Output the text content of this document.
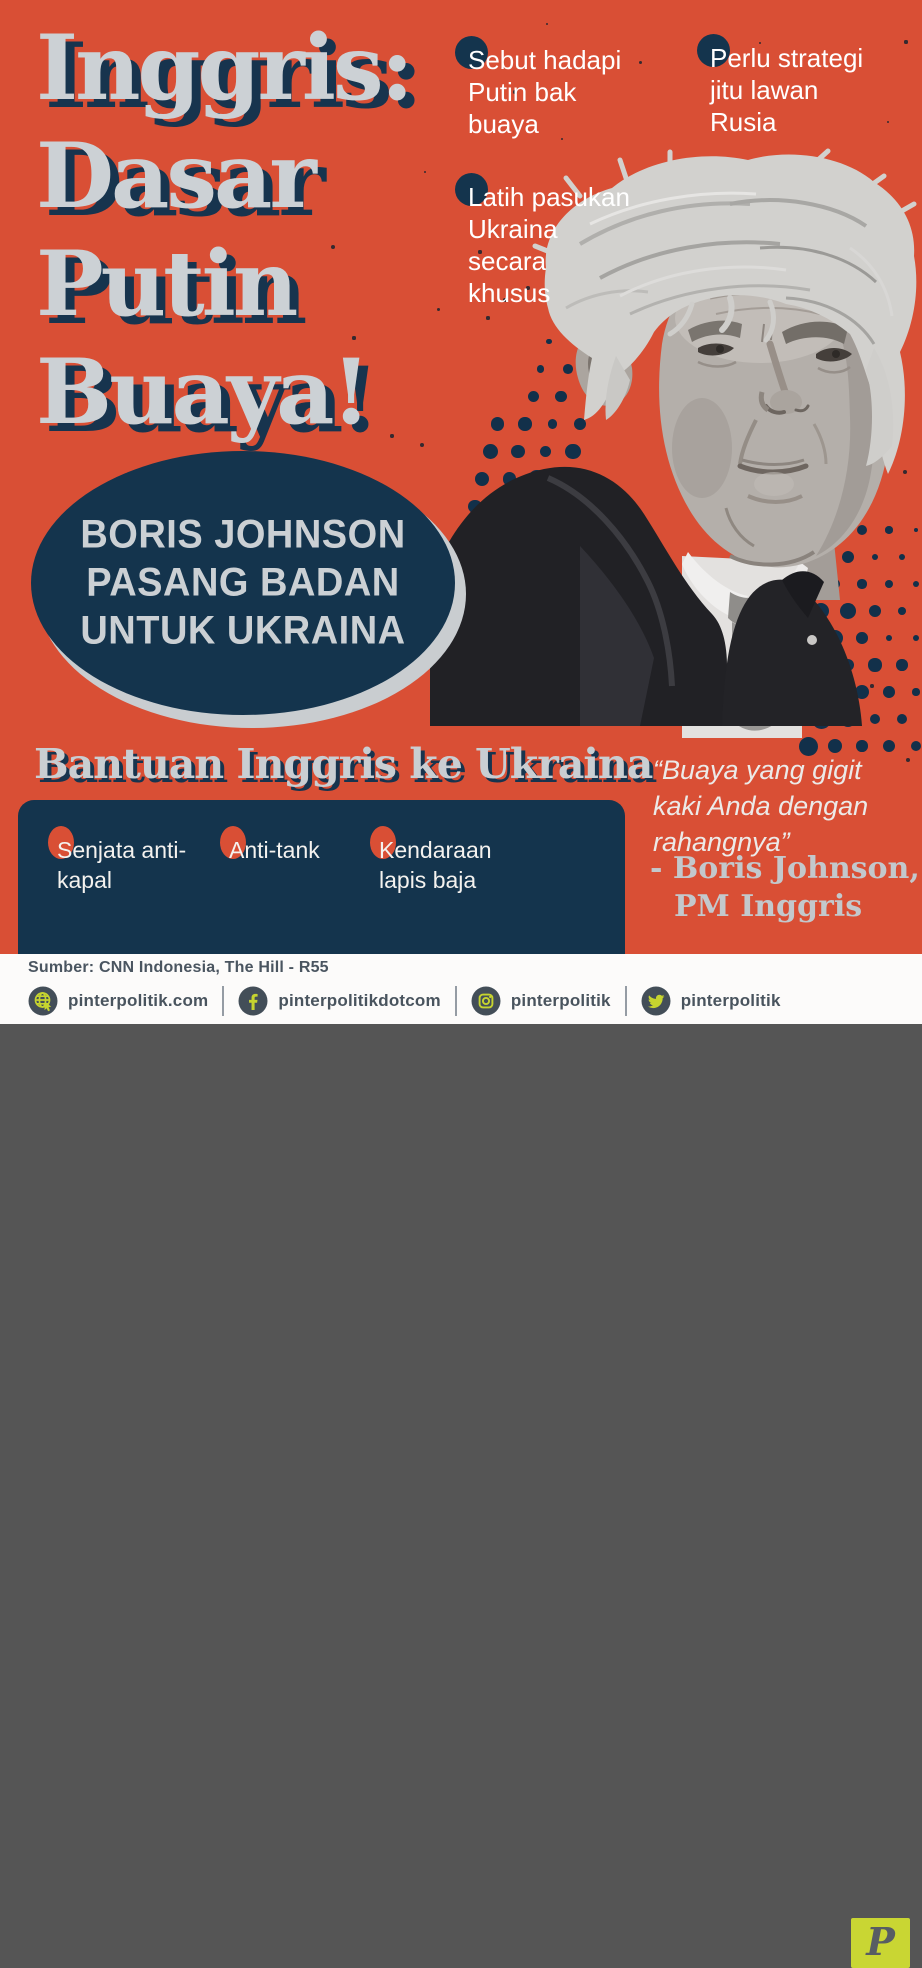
Inggris:
Dasar
Putin
Buaya!
Sebut hadapi
Putin bak
buaya
Perlu strategi
jitu lawan
Rusia
Latih pasukan
Ukraina
secara
khusus
BORIS JOHNSON
PASANG BADAN
UNTUK UKRAINA
Bantuan Inggris ke Ukraina
Senjata anti-
kapal
Anti-tank	Kendaraan
lapis baja
“Buaya yang gigit
kaki Anda dengan
rahangnya”
- Boris Johnson,
PM Inggris
Sumber: CNN Indonesia, The Hill - R55
pinterpolitik.com	pinterpolitikdotcom	pinterpolitik	pinterpolitik
P
